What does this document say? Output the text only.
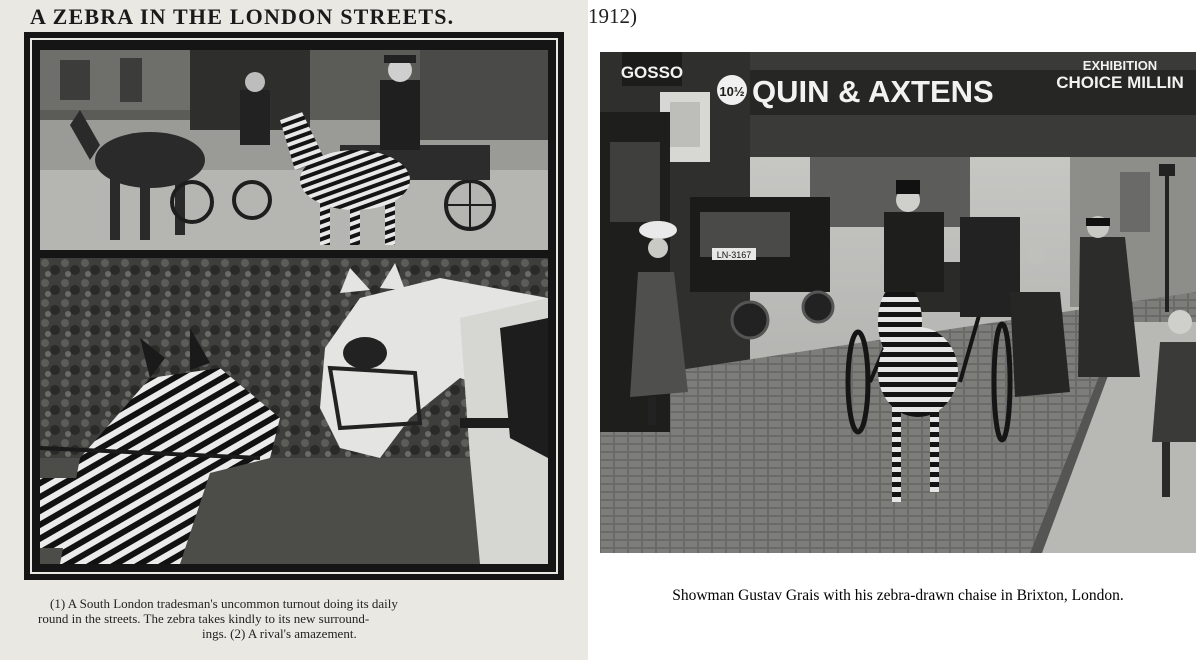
A ZEBRA IN THE LONDON STREETS.
(1) A South London tradesman's uncommon turnout doing its daily
round in the streets. The zebra takes kindly to its new surround-
ings. (2) A rival's amazement.
1912)
GOSSO
10½ QUIN & AXTENS
EXHIBITION
CHOICE MILLIN
LN-3167
Showman Gustav Grais with his zebra-drawn chaise in Brixton, London.
